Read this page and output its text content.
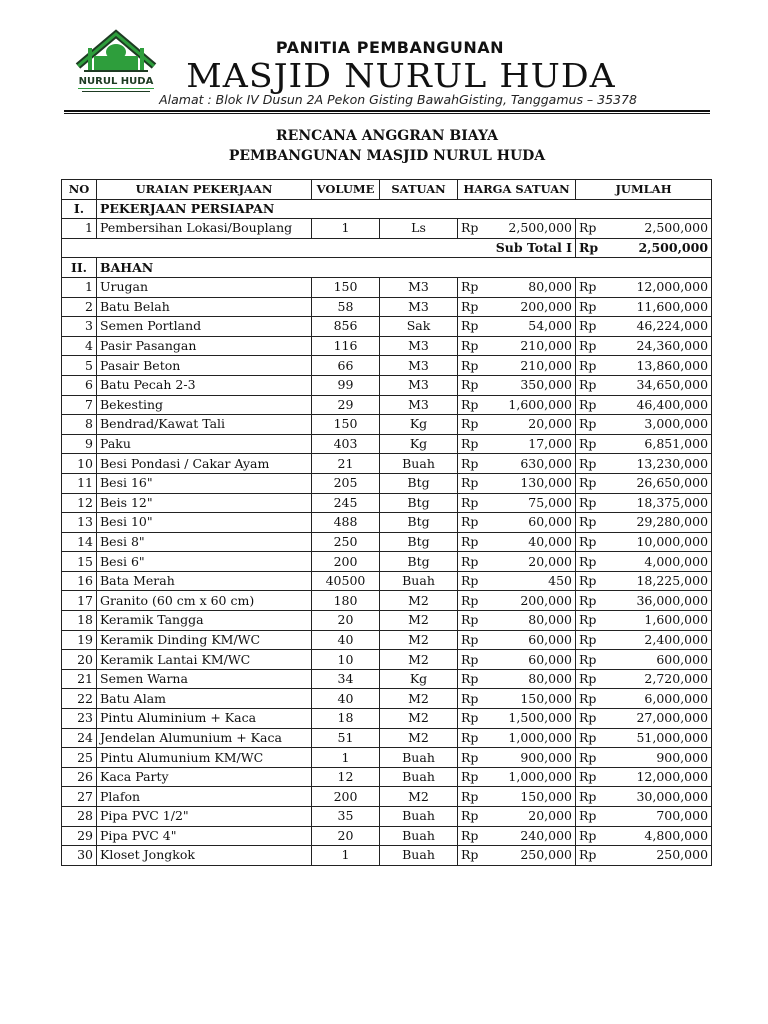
NURUL HUDA
PANITIA PEMBANGUNAN
MASJID NURUL HUDA
Alamat : Blok IV Dusun 2A Pekon Gisting BawahGisting, Tanggamus – 35378
RENCANA ANGGRAN BIAYA
PEMBANGUNAN MASJID NURUL HUDA
NO	URAIAN PEKERJAAN	VOLUME	SATUAN	HARGA SATUAN		JUMLAH	
I.	PEKERJAAN PERSIAPAN						
1	Pembersihan Lokasi/Bouplang	1	Ls	Rp	2,500,000	Rp	2,500,000
Sub Total I						Rp	2,500,000
II.	BAHAN						
1	Urugan	150	M3	Rp	80,000	Rp	12,000,000
2	Batu Belah	58	M3	Rp	200,000	Rp	11,600,000
3	Semen Portland	856	Sak	Rp	54,000	Rp	46,224,000
4	Pasir Pasangan	116	M3	Rp	210,000	Rp	24,360,000
5	Pasair Beton	66	M3	Rp	210,000	Rp	13,860,000
6	Batu Pecah 2-3	99	M3	Rp	350,000	Rp	34,650,000
7	Bekesting	29	M3	Rp	1,600,000	Rp	46,400,000
8	Bendrad/Kawat Tali	150	Kg	Rp	20,000	Rp	3,000,000
9	Paku	403	Kg	Rp	17,000	Rp	6,851,000
10	Besi Pondasi / Cakar Ayam	21	Buah	Rp	630,000	Rp	13,230,000
11	Besi 16"	205	Btg	Rp	130,000	Rp	26,650,000
12	Beis 12"	245	Btg	Rp	75,000	Rp	18,375,000
13	Besi 10"	488	Btg	Rp	60,000	Rp	29,280,000
14	Besi 8"	250	Btg	Rp	40,000	Rp	10,000,000
15	Besi 6"	200	Btg	Rp	20,000	Rp	4,000,000
16	Bata Merah	40500	Buah	Rp	450	Rp	18,225,000
17	Granito (60 cm x 60 cm)	180	M2	Rp	200,000	Rp	36,000,000
18	Keramik Tangga	20	M2	Rp	80,000	Rp	1,600,000
19	Keramik Dinding KM/WC	40	M2	Rp	60,000	Rp	2,400,000
20	Keramik Lantai KM/WC	10	M2	Rp	60,000	Rp	600,000
21	Semen Warna	34	Kg	Rp	80,000	Rp	2,720,000
22	Batu Alam	40	M2	Rp	150,000	Rp	6,000,000
23	Pintu Aluminium + Kaca	18	M2	Rp	1,500,000	Rp	27,000,000
24	Jendelan Alumunium + Kaca	51	M2	Rp	1,000,000	Rp	51,000,000
25	Pintu Alumunium KM/WC	1	Buah	Rp	900,000	Rp	900,000
26	Kaca Party	12	Buah	Rp	1,000,000	Rp	12,000,000
27	Plafon	200	M2	Rp	150,000	Rp	30,000,000
28	Pipa PVC 1/2"	35	Buah	Rp	20,000	Rp	700,000
29	Pipa PVC 4"	20	Buah	Rp	240,000	Rp	4,800,000
30	Kloset Jongkok	1	Buah	Rp	250,000	Rp	250,000
